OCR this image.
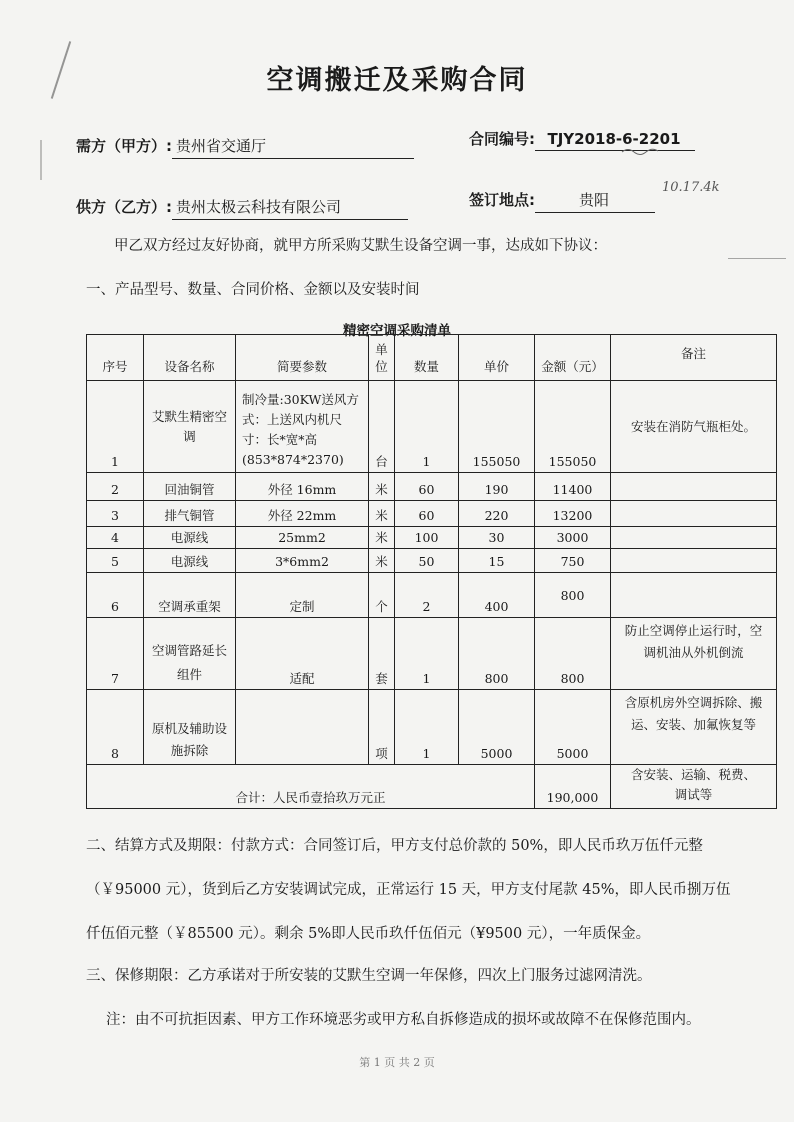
空调搬迁及采购合同
需方（甲方）: 贵州省交通厅	合同编号: TJY2018-6-2201
供方（乙方）: 贵州太极云科技有限公司	签订地点:	贵阳
10.17.4k
甲乙双方经过友好协商，就甲方所采购艾默生设备空调一事，达成如下协议：
一、产品型号、数量、合同价格、金额以及安装时间
精密空调采购清单
序号	设备名称	简要参数	单位	数量	单价	金额（元）	备注
1	艾默生精密空调	制冷量:30KW送风方式：上送风内机尺寸：长*宽*高(853*874*2370)	台	1	155050	155050	安装在消防气瓶柜处。
2	回油铜管	外径 16mm	米	60	190	11400	
3	排气铜管	外径 22mm	米	60	220	13200	
4	电源线	25mm2	米	100	30	3000	
5	电源线	3*6mm2	米	50	15	750	
6	空调承重架	定制	个	2	400	800	
7	空调管路延长组件	适配	套	1	800	800	防止空调停止运行时，空调机油从外机倒流
8	原机及辅助设施拆除		项	1	5000	5000	含原机房外空调拆除、搬运、安装、加氟恢复等
合计：人民币壹拾玖万元正						190,000	含安装、运输、税费、调试等
二、结算方式及期限：付款方式：合同签订后，甲方支付总价款的 50%，即人民币玖万伍仟元整
（￥95000 元），货到后乙方安装调试完成，正常运行 15 天，甲方支付尾款 45%，即人民币捌万伍
仟伍佰元整（￥85500 元）。剩余 5%即人民币玖仟伍佰元（¥9500 元），一年质保金。
三、保修期限：乙方承诺对于所安装的艾默生空调一年保修，四次上门服务过滤网清洗。
注：由不可抗拒因素、甲方工作环境恶劣或甲方私自拆修造成的损坏或故障不在保修范围内。
第 1 页 共 2 页
